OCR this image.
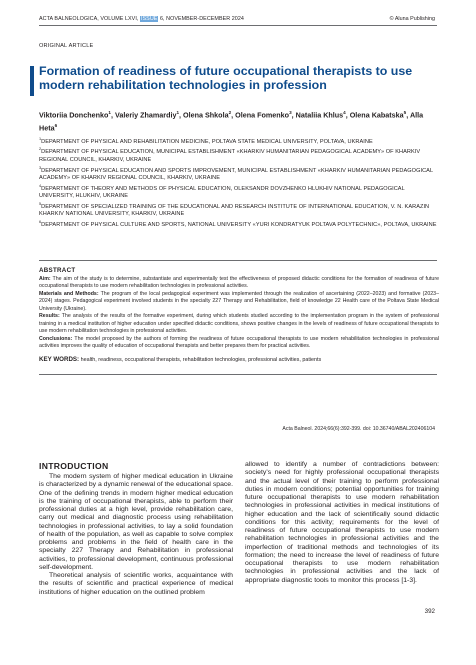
ACTA BALNEOLOGICA, VOLUME LXVI, ISSUE 6, NOVEMBER-DECEMBER 2024	© Aluna Publishing
ORIGINAL ARTICLE
Formation of readiness of future occupational therapists to use modern rehabilitation technologies in profession
Viktoriia Donchenko$^1$, Valeriy Zhamardiy$^1$, Olena Shkola$^2$, Olena Fomenko$^3$, Nataliia Khlus$^4$, Olena Kabatska$^5$, Alla Heta$^6$

$^1$DEPARTMENT OF PHYSICAL AND REHABILITATION MEDICINE, POLTAVA STATE MEDICAL UNIVERSITY, POLTAVA, UKRAINE

$^2$DEPARTMENT OF PHYSICAL EDUCATION, MUNICIPAL ESTABLISHMENT «KHARKIV HUMANITARIAN PEDAGOGICAL ACADEMY» OF KHARKIV REGIONAL COUNCIL, KHARKIV, UKRAINE

$^3$DEPARTMENT OF PHYSICAL EDUCATION AND SPORTS IMPROVEMENT, MUNICIPAL ESTABLISHMENT «KHARKIV HUMANITARIAN PEDAGOGICAL ACADEMY» OF KHARKIV REGIONAL COUNCIL, KHARKIV, UKRAINE

$^4$DEPARTMENT OF THEORY AND METHODS OF PHYSICAL EDUCATION, OLEKSANDR DOVZHENKO HLUKHIV NATIONAL PEDAGOGICAL UNIVERSITY, HLUKHIV, UKRAINE

$^5$DEPARTMENT OF SPECIALIZED TRAINING OF THE EDUCATIONAL AND RESEARCH INSTITUTE OF INTERNATIONAL EDUCATION, V. N. KARAZIN KHARKIV NATIONAL UNIVERSITY, KHARKIV, UKRAINE

$^6$DEPARTMENT OF PHYSICAL CULTURE AND SPORTS, NATIONAL UNIVERSITY «YURI KONDRATYUK POLTAVA POLYTECHNIC», POLTAVA, UKRAINE

ABSTRACT

Aim: The aim of the study is to determine, substantiate and experimentally test the effectiveness of proposed didactic conditions for the formation of readiness of future occupational therapists to use modern rehabilitation technologies in professional activities.

Materials and Methods: The program of the local pedagogical experiment was implemented through the realization of ascertaining (2022–2023) and formative (2023–2024) stages. Pedagogical experiment involved students in the specialty 227 Therapy and Rehabilitation, field of knowledge 22 Health care of the Poltava State Medical University (Ukraine).

Results: The analysis of the results of the formative experiment, during which students studied according to the implementation program in the system of professional training in a medical institution of higher education under specified didactic conditions, shows positive changes in the levels of readiness of future occupational therapists to use modern rehabilitation technologies in professional activities.

Conclusions: The model proposed by the authors of forming the readiness of future occupational therapists to use modern rehabilitation technologies in professional activities improves the quality of education of occupational therapists and better prepares them for practical activities.

KEY WORDS: health, readiness, occupational therapists, rehabilitation technologies, professional activities, patients
Acta Balneol. 2024;66(6):392-399. doi: 10.36740/ABAL202406104
INTRODUCTION

The modern system of higher medical education in Ukraine is characterized by a dynamic renewal of the educational space. One of the defining trends in modern higher medical education is the training of occupational therapists, able to perform their professional duties at a high level, provide rehabilitation care, carry out medical and diagnostic process using rehabilitation technologies in professional activities, to lay a solid foundation of health of the population, as well as capable to solve complex problems and problems in the field of health care in the specialty 227 Therapy and Rehabilitation in professional activities, to professional development, continuous professional self-development.

Theoretical analysis of scientific works, acquaintance with the results of scientific and practical experience of medical institutions of higher education on the outlined problem

allowed to identify a number of contradictions between: society’s need for highly professional occupational therapists and the actual level of their training to perform professional duties in modern conditions; potential opportunities for training future occupational therapists to use modern rehabilitation technologies in professional activities in medical institutions of higher education and the lack of scientifically sound didactic conditions for this activity; requirements for the level of readiness of future occupational therapists to use modern rehabilitation technologies in professional activities and the imperfection of traditional methods and technologies of its formation; the need to increase the level of readiness of future occupational therapists to use modern rehabilitation technologies in professional activities and the lack of appropriate diagnostic tools to monitor this process [1-3].

392
